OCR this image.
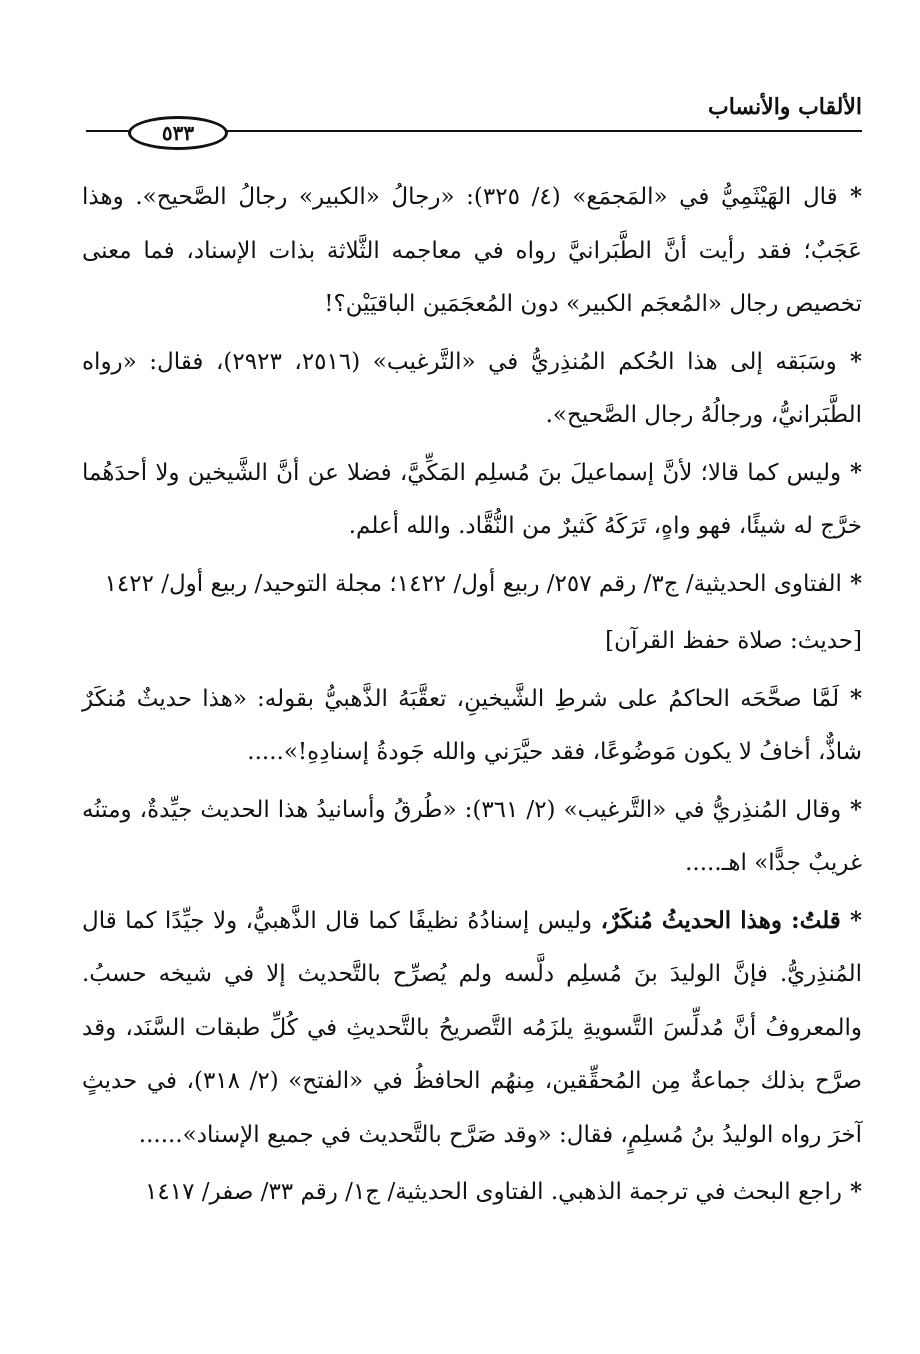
الألقاب والأنساب
٥٣٣

* قال الهَيْثَمِيُّ في «المَجمَع» (٤/ ٣٢٥): «رجالُ «الكبير» رجالُ الصَّحيح». وهذا عَجَبٌ؛ فقد رأيت أنَّ الطَّبَرانيَّ رواه في معاجمه الثَّلاثة بذات الإسناد، فما معنى تخصيص رجال «المُعجَم الكبير» دون المُعجَمَين الباقيَيْن؟!

* وسَبَقه إلى هذا الحُكم المُنذِريُّ في «التَّرغيب» (٢٥١٦، ٢٩٢٣)، فقال: «رواه الطَّبَرانيُّ، ورجالُهُ رجال الصَّحيح».

* وليس كما قالا؛ لأنَّ إسماعيلَ بنَ مُسلِم المَكِّيَّ، فضلا عن أنَّ الشَّيخين ولا أحدَهُما خرَّج له شيئًا، فهو واهٍ، تَرَكَهُ كَثيرٌ من النُّقَّاد. والله أعلم.

* الفتاوى الحديثية/ ج٣/ رقم ٢٥٧/ ربيع أول/ ١٤٢٢؛ مجلة التوحيد/ ربيع أول/ ١٤٢٢

[حديث: صلاة حفظ القرآن]

* لَمَّا صحَّحَه الحاكمُ على شرطِ الشَّيخينِ، تعقَّبَهُ الذَّهبيُّ بقوله: «هذا حديثٌ مُنكَرٌ شاذٌّ، أخافُ لا يكون مَوضُوعًا، فقد حيَّرَني والله جَودةُ إسنادِهِ!».....

* وقال المُنذِريُّ في «التَّرغيب» (٢/ ٣٦١): «طُرقُ وأسانيدُ هذا الحديث جيِّدةٌ، ومتنُه غريبٌ جدًّا» اهـ.....

* قلتُ: وهذا الحديثُ مُنكَرٌ، وليس إسنادُهُ نظيفًا كما قال الذَّهبيُّ، ولا جيِّدًا كما قال المُنذِريُّ. فإنَّ الوليدَ بنَ مُسلِم دلَّسه ولم يُصرِّح بالتَّحديث إلا في شيخه حسبُ. والمعروفُ أنَّ مُدلِّسَ التَّسويةِ يلزَمُه التَّصريحُ بالتَّحديثِ في كُلِّ طبقات السَّنَد، وقد صرَّح بذلك جماعةٌ مِن المُحقِّقين، مِنهُم الحافظُ في «الفتح» (٢/ ٣١٨)، في حديثٍ آخرَ رواه الوليدُ بنُ مُسلِمٍ، فقال: «وقد صَرَّح بالتَّحديث في جميع الإسناد»......

* راجع البحث في ترجمة الذهبي. الفتاوى الحديثية/ ج١/ رقم ٣٣/ صفر/ ١٤١٧
